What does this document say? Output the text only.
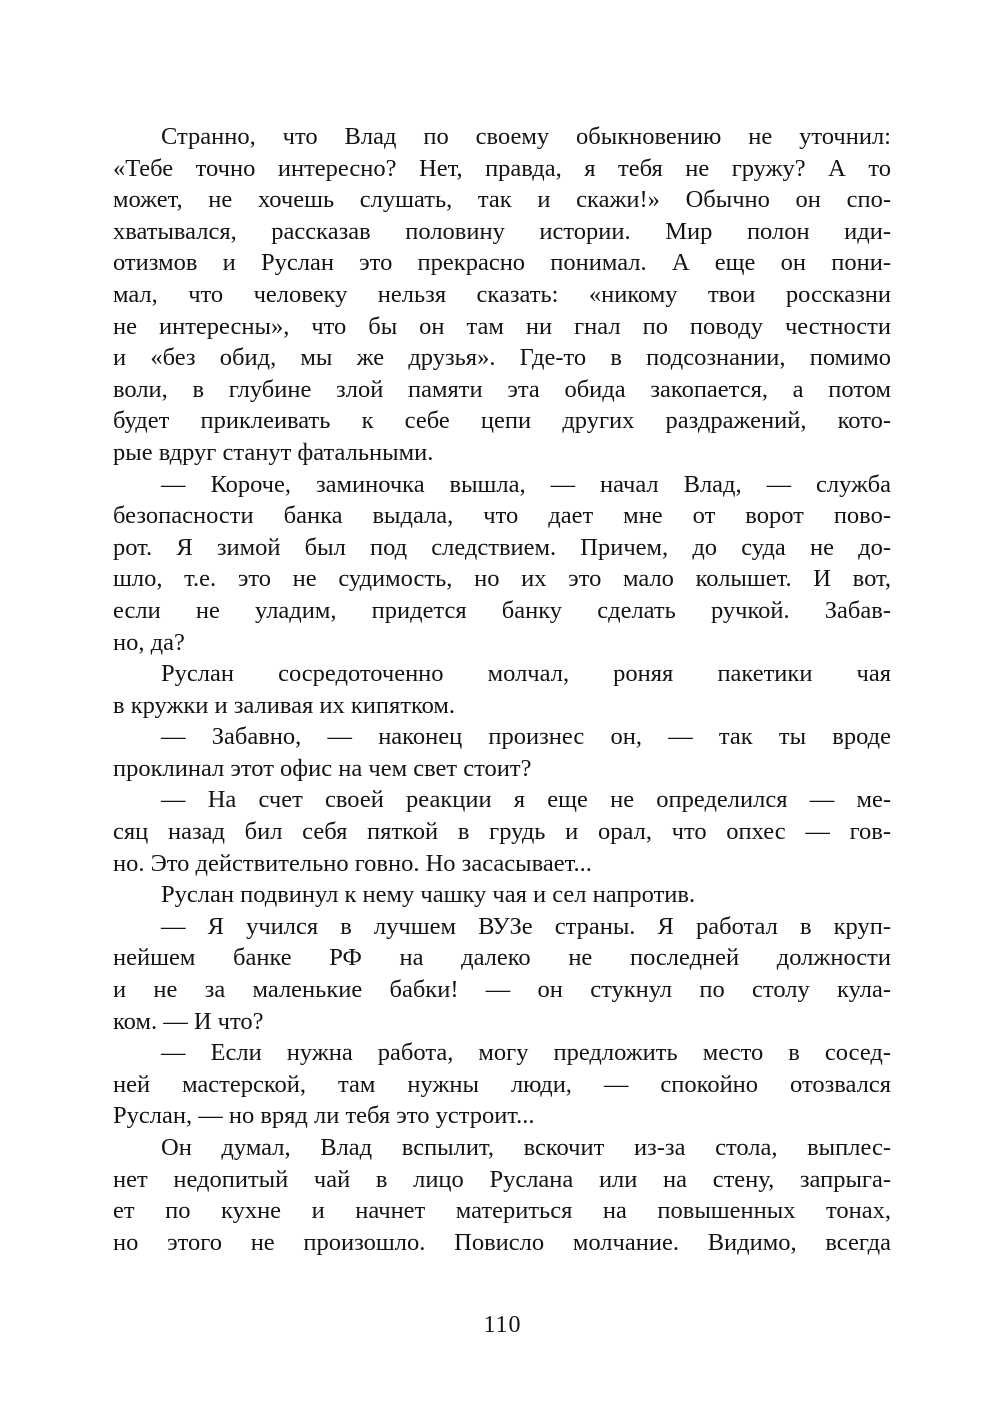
Странно, что Влад по своему обыкновению не уточнил:
«Тебе точно интересно? Нет, правда, я тебя не гружу? А то
может, не хочешь слушать, так и скажи!» Обычно он спо-
хватывался, рассказав половину истории. Мир полон иди-
отизмов и Руслан это прекрасно понимал. А еще он пони-
мал, что человеку нельзя сказать: «никому твои россказни
не интересны», что бы он там ни гнал по поводу честности
и «без обид, мы же друзья». Где-то в подсознании, помимо
воли, в глубине злой памяти эта обида закопается, а потом
будет приклеивать к себе цепи других раздражений, кото-
рые вдруг станут фатальными.
— Короче, заминочка вышла, — начал Влад, — служба
безопасности банка выдала, что дает мне от ворот пово-
рот. Я зимой был под следствием. Причем, до суда не до-
шло, т.е. это не судимость, но их это мало колышет. И вот,
если не уладим, придется банку сделать ручкой. Забав-
но, да?
Руслан сосредоточенно молчал, роняя пакетики чая
в кружки и заливая их кипятком.
— Забавно, — наконец произнес он, — так ты вроде
проклинал этот офис на чем свет стоит?
— На счет своей реакции я еще не определился — ме-
сяц назад бил себя пяткой в грудь и орал, что опхес — гов-
но. Это действительно говно. Но засасывает...
Руслан подвинул к нему чашку чая и сел напротив.
— Я учился в лучшем ВУЗе страны. Я работал в круп-
нейшем банке РФ на далеко не последней должности
и не за маленькие бабки! — он стукнул по столу кула-
ком. — И что?
— Если нужна работа, могу предложить место в сосед-
ней мастерской, там нужны люди, — спокойно отозвался
Руслан, — но вряд ли тебя это устроит...
Он думал, Влад вспылит, вскочит из-за стола, выплес-
нет недопитый чай в лицо Руслана или на стену, запрыга-
ет по кухне и начнет материться на повышенных тонах,
но этого не произошло. Повисло молчание. Видимо, всегда
110
